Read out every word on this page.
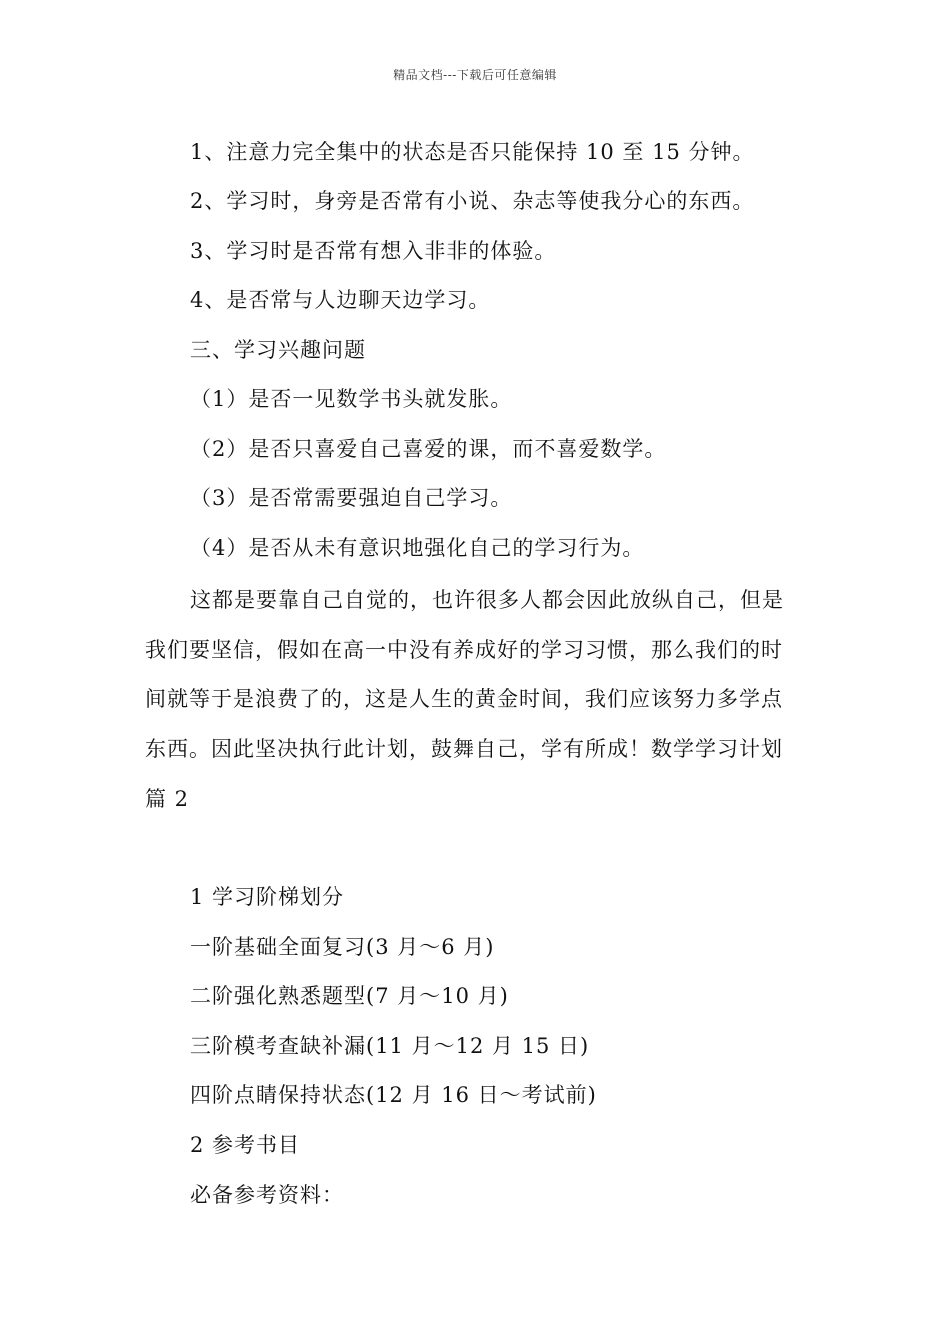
精品文档---下载后可任意编辑
1、注意力完全集中的状态是否只能保持 10 至 15 分钟。
2、学习时，身旁是否常有小说、杂志等使我分心的东西。
3、学习时是否常有想入非非的体验。
4、是否常与人边聊天边学习。
三、学习兴趣问题
（1）是否一见数学书头就发胀。
（2）是否只喜爱自己喜爱的课，而不喜爱数学。
（3）是否常需要强迫自己学习。
（4）是否从未有意识地强化自己的学习行为。
这都是要靠自己自觉的，也许很多人都会因此放纵自己，但是
我们要坚信，假如在高一中没有养成好的学习习惯，那么我们的时
间就等于是浪费了的，这是人生的黄金时间，我们应该努力多学点
东西。因此坚决执行此计划，鼓舞自己，学有所成！数学学习计划
篇 2
1 学习阶梯划分
一阶基础全面复习(3 月～6 月)
二阶强化熟悉题型(7 月～10 月)
三阶模考查缺补漏(11 月～12 月 15 日)
四阶点睛保持状态(12 月 16 日～考试前)
2 参考书目
必备参考资料：
